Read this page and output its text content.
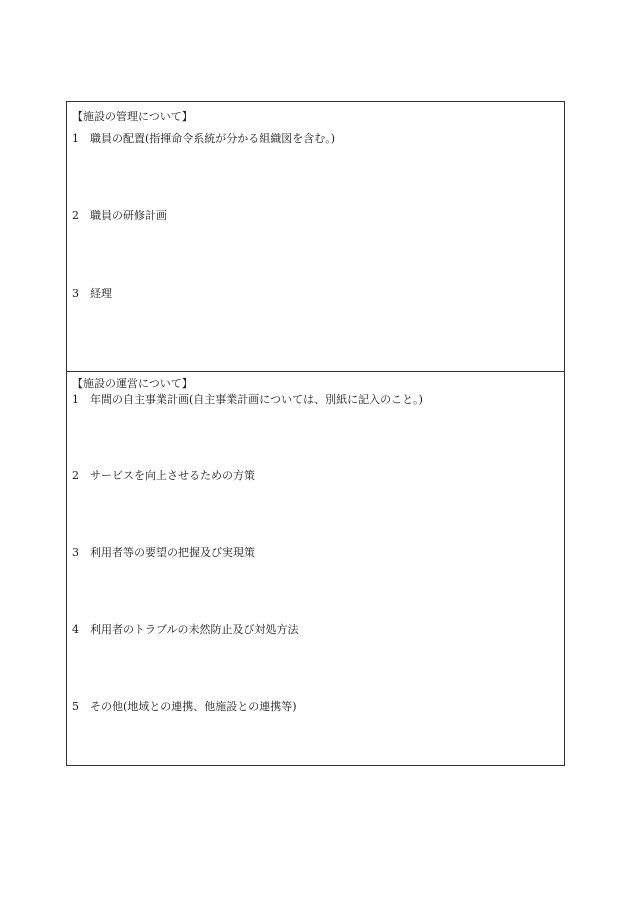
【施設の管理について】
1 職員の配置(指揮命令系統が分かる組織図を含む。)
2 職員の研修計画
3 経理
【施設の運営について】
1 年間の自主事業計画(自主事業計画については、別紙に記入のこと。)
2 サービスを向上させるための方策
3 利用者等の要望の把握及び実現策
4 利用者のトラブルの未然防止及び対処方法
5 その他(地域との連携、他施設との連携等)
